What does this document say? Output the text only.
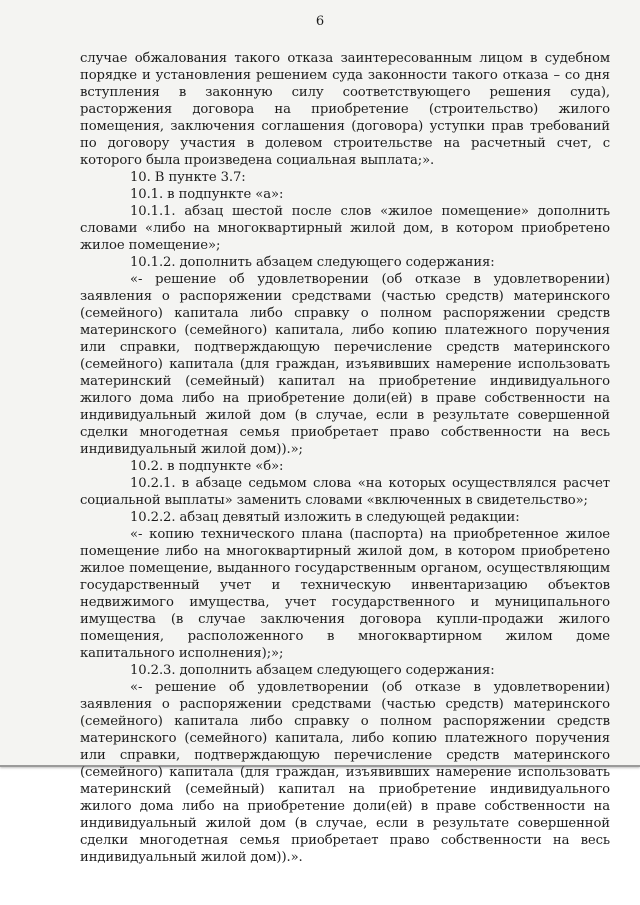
6

случае обжалования такого отказа заинтересованным лицом в судебном порядке и установления решением суда законности такого отказа – со дня вступления в законную силу соответствующего решения суда), расторжения договора на приобретение (строительство) жилого помещения, заключения соглашения (договора) уступки прав требований по договору участия в долевом строительстве на расчетный счет, с которого была произведена социальная выплата;».

10. В пункте 3.7:

10.1. в подпункте «а»:

10.1.1. абзац шестой после слов «жилое помещение» дополнить словами «либо на многоквартирный жилой дом, в котором приобретено жилое помещение»;

10.1.2. дополнить абзацем следующего содержания:

«- решение об удовлетворении (об отказе в удовлетворении) заявления о распоряжении средствами (частью средств) материнского (семейного) капитала либо справку о полном распоряжении средств материнского (семейного) капитала, либо копию платежного поручения или справки, подтверждающую перечисление средств материнского (семейного) капитала (для граждан, изъявивших намерение использовать материнский (семейный) капитал на приобретение индивидуального жилого дома либо на приобретение доли(ей) в праве собственности на индивидуальный жилой дом (в случае, если в результате совершенной сделки многодетная семья приобретает право собственности на весь индивидуальный жилой дом)).»;

10.2. в подпункте «б»:

10.2.1. в абзаце седьмом слова «на которых осуществлялся расчет социальной выплаты» заменить словами «включенных в свидетельство»;

10.2.2. абзац девятый изложить в следующей редакции:

«- копию технического плана (паспорта) на приобретенное жилое помещение либо на многоквартирный жилой дом, в котором приобретено жилое помещение, выданного государственным органом, осуществляющим государственный учет и техническую инвентаризацию объектов недвижимого имущества, учет государственного и муниципального имущества (в случае заключения договора купли-продажи жилого помещения, расположенного в многоквартирном жилом доме капитального исполнения);»;

10.2.3. дополнить абзацем следующего содержания:

«- решение об удовлетворении (об отказе в удовлетворении) заявления о распоряжении средствами (частью средств) материнского (семейного) капитала либо справку о полном распоряжении средств материнского (семейного) капитала, либо копию платежного поручения или справки, подтверждающую перечисление средств материнского (семейного) капитала (для граждан, изъявивших намерение использовать материнский (семейный) капитал на приобретение индивидуального жилого дома либо на приобретение доли(ей) в праве собственности на индивидуальный жилой дом (в случае, если в результате совершенной сделки многодетная семья приобретает право собственности на весь индивидуальный жилой дом)).».
